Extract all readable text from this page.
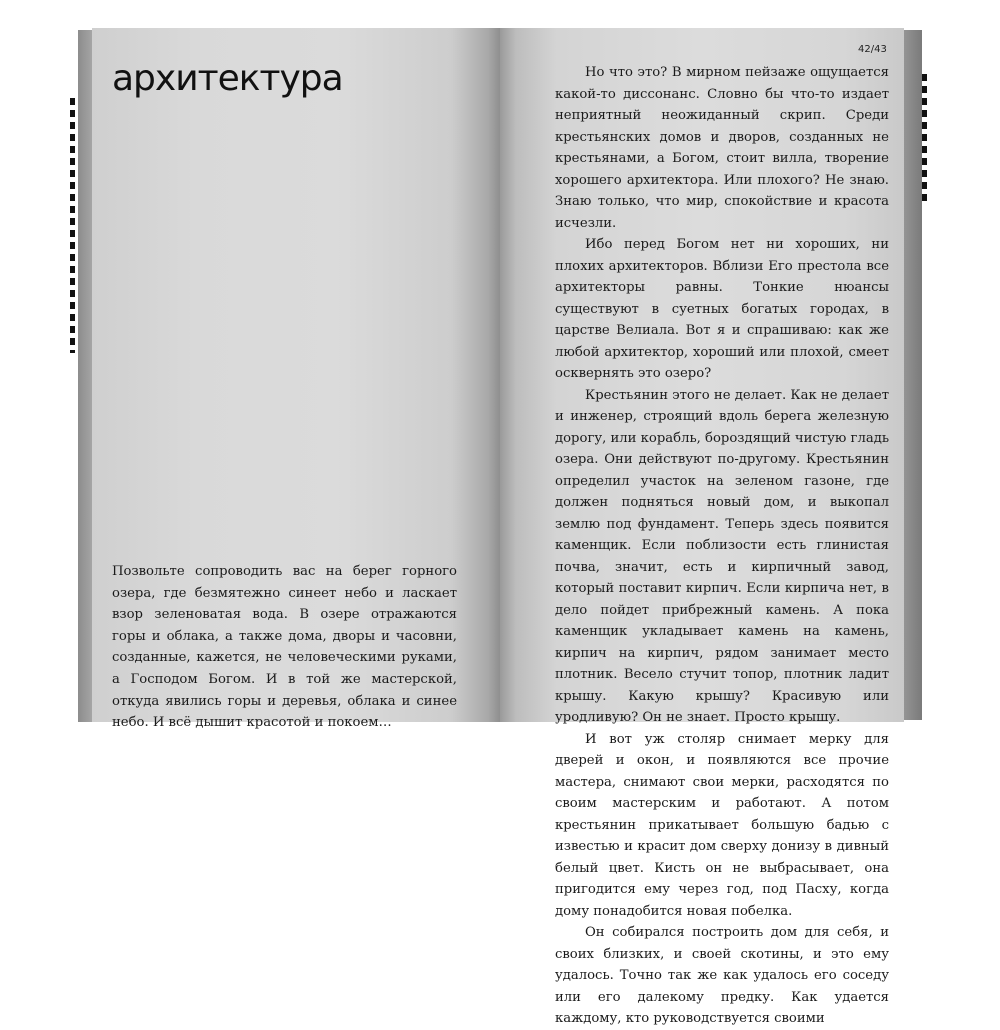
архитектура

Позвольте сопроводить вас на берег горного озера, где безмятежно синеет небо и ласкает взор зеленоватая вода. В озере отражаются горы и облака, а также дома, дворы и часовни, созданные, кажется, не человеческими руками, а Господом Богом. И в той же мастерской, откуда явились горы и деревья, облака и синее небо. И всё дышит красотой и покоем…

42/43

Но что это? В мирном пейзаже ощущается какой-то диссонанс. Словно бы что-то издает неприятный неожиданный скрип. Среди крестьянских домов и дворов, созданных не крестьянами, а Богом, стоит вилла, творение хорошего архитектора. Или плохого? Не знаю. Знаю только, что мир, спокойствие и красота исчезли.

Ибо перед Богом нет ни хороших, ни плохих архитекторов. Вблизи Его престола все архитекторы равны. Тонкие нюансы существуют в суетных богатых городах, в царстве Велиала. Вот я и спрашиваю: как же любой архитектор, хороший или плохой, смеет осквернять это озеро?

Крестьянин этого не делает. Как не делает и инженер, строящий вдоль берега железную дорогу, или корабль, бороздящий чистую гладь озера. Они действуют по-другому. Крестьянин определил участок на зеленом газоне, где должен подняться новый дом, и выкопал землю под фундамент. Теперь здесь появится каменщик. Если поблизости есть глинистая почва, значит, есть и кирпичный завод, который поставит кирпич. Если кирпича нет, в дело пойдет прибрежный камень. А пока каменщик укладывает камень на камень, кирпич на кирпич, рядом занимает место плотник. Весело стучит топор, плотник ладит крышу. Какую крышу? Красивую или уродливую? Он не знает. Просто крышу.

И вот уж столяр снимает мерку для дверей и окон, и появляются все прочие мастера, снимают свои мерки, расходятся по своим мастерским и работают. А потом крестьянин прикатывает большую бадью с известью и красит дом сверху донизу в дивный белый цвет. Кисть он не выбрасывает, она пригодится ему через год, под Пасху, когда дому понадобится новая побелка.

Он собирался построить дом для себя, и своих близких, и своей скотины, и это ему удалось. Точно так же как удалось его соседу или его далекому предку. Как удается каждому, кто руководствуется своими
